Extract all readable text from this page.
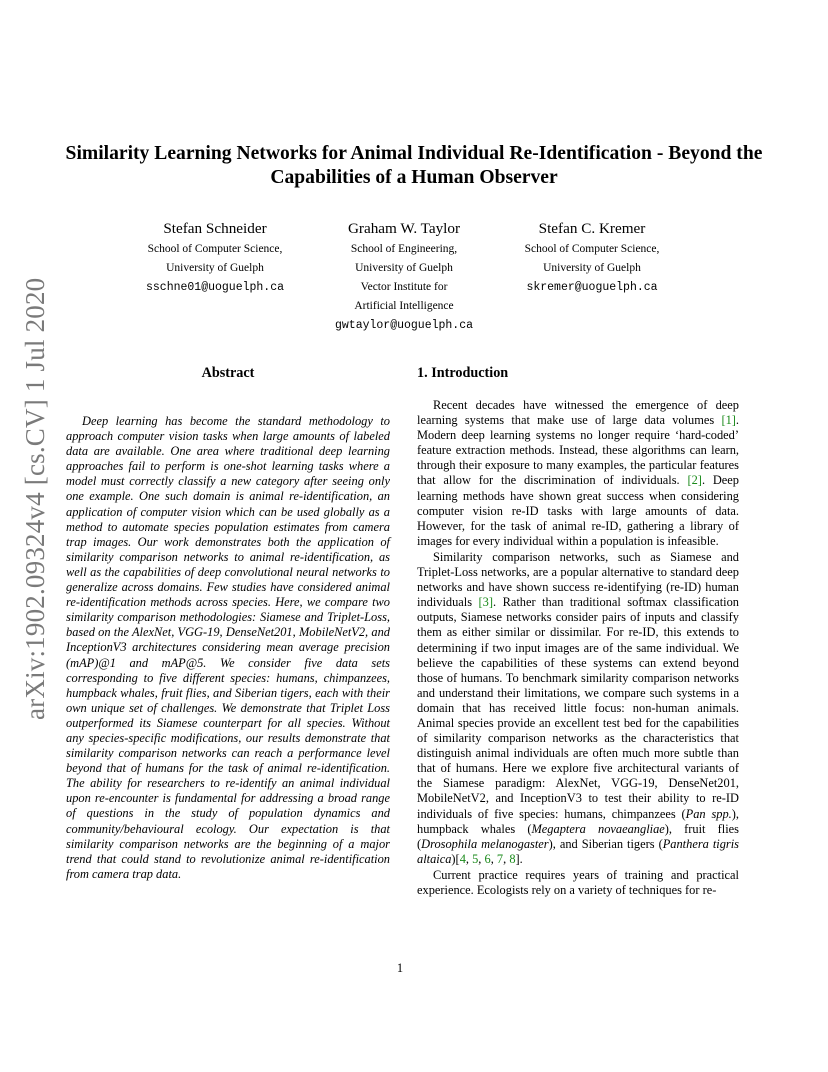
arXiv:1902.09324v4 [cs.CV] 1 Jul 2020
Similarity Learning Networks for Animal Individual Re-Identification - Beyond the Capabilities of a Human Observer
Stefan Schneider
School of Computer Science,
University of Guelph
sschne01@uoguelph.ca
Graham W. Taylor
School of Engineering,
University of Guelph
Vector Institute for
Artificial Intelligence
gwtaylor@uoguelph.ca
Stefan C. Kremer
School of Computer Science,
University of Guelph
skremer@uoguelph.ca
Abstract

Deep learning has become the standard methodology to approach computer vision tasks when large amounts of labeled data are available. One area where traditional deep learning approaches fail to perform is one-shot learning tasks where a model must correctly classify a new category after seeing only one example. One such domain is animal re-identification, an application of computer vision which can be used globally as a method to automate species population estimates from camera trap images. Our work demonstrates both the application of similarity comparison networks to animal re-identification, as well as the capabilities of deep convolutional neural networks to generalize across domains. Few studies have considered animal re-identification methods across species. Here, we compare two similarity comparison methodologies: Siamese and Triplet-Loss, based on the AlexNet, VGG-19, DenseNet201, MobileNetV2, and InceptionV3 architectures considering mean average precision (mAP)@1 and mAP@5. We consider five data sets corresponding to five different species: humans, chimpanzees, humpback whales, fruit flies, and Siberian tigers, each with their own unique set of challenges. We demonstrate that Triplet Loss outperformed its Siamese counterpart for all species. Without any species-specific modifications, our results demonstrate that similarity comparison networks can reach a performance level beyond that of humans for the task of animal re-identification. The ability for researchers to re-identify an animal individual upon re-encounter is fundamental for addressing a broad range of questions in the study of population dynamics and community/behavioural ecology. Our expectation is that similarity comparison networks are the beginning of a major trend that could stand to revolutionize animal re-identification from camera trap data.

1. Introduction

Recent decades have witnessed the emergence of deep learning systems that make use of large data volumes [1]. Modern deep learning systems no longer require ‘hard-coded’ feature extraction methods. Instead, these algorithms can learn, through their exposure to many examples, the particular features that allow for the discrimination of individuals. [2]. Deep learning methods have shown great success when considering computer vision re-ID tasks with large amounts of data. However, for the task of animal re-ID, gathering a library of images for every individual within a population is infeasible.

Similarity comparison networks, such as Siamese and Triplet-Loss networks, are a popular alternative to standard deep networks and have shown success re-identifying (re-ID) human individuals [3]. Rather than traditional softmax classification outputs, Siamese networks consider pairs of inputs and classify them as either similar or dissimilar. For re-ID, this extends to determining if two input images are of the same individual. We believe the capabilities of these systems can extend beyond those of humans. To benchmark similarity comparison networks and understand their limitations, we compare such systems in a domain that has received little focus: non-human animals. Animal species provide an excellent test bed for the capabilities of similarity comparison networks as the characteristics that distinguish animal individuals are often much more subtle than that of humans. Here we explore five architectural variants of the Siamese paradigm: AlexNet, VGG-19, DenseNet201, MobileNetV2, and InceptionV3 to test their ability to re-ID individuals of five species: humans, chimpanzees (Pan spp.), humpback whales (Megaptera novaeangliae), fruit flies (Drosophila melanogaster), and Siberian tigers (Panthera tigris altaica)[4, 5, 6, 7, 8].

Current practice requires years of training and practical experience. Ecologists rely on a variety of techniques for re-

1
